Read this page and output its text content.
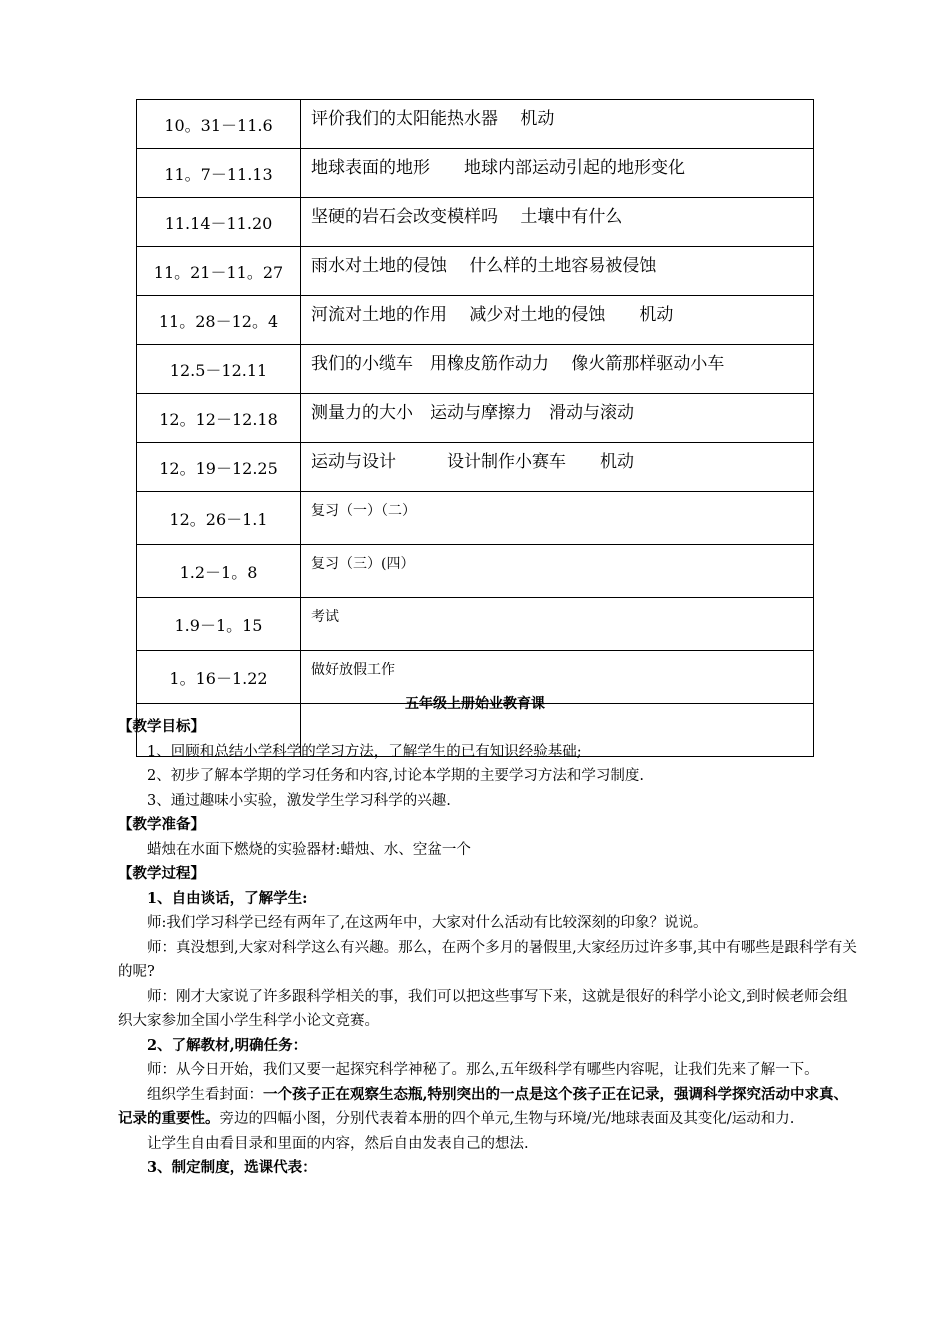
10。31－11.6	评价我们的太阳能热水器　 机动
11。7－11.13	地球表面的地形　　地球内部运动引起的地形变化
11.14－11.20	坚硬的岩石会改变模样吗　 土壤中有什么
11。21－11。27	雨水对土地的侵蚀　 什么样的土地容易被侵蚀
11。28－12。4	河流对土地的作用　 减少对土地的侵蚀　　机动
12.5－12.11	我们的小缆车　用橡皮筋作动力　 像火箭那样驱动小车
12。12－12.18	测量力的大小　运动与摩擦力　滑动与滚动
12。19－12.25	运动与设计　　　设计制作小赛车　　机动
12。26－1.1	复习（一）（二）
1.2－1。8	复习（三）(四）
1.9－1。15	考试
1。16－1.22	做好放假工作

五年级上册始业教育课

【教学目标】

1、回顾和总结小学科学的学习方法，了解学生的已有知识经验基础;

2、初步了解本学期的学习任务和内容,讨论本学期的主要学习方法和学习制度.

3、通过趣味小实验，激发学生学习科学的兴趣.

【教学准备】

蜡烛在水面下燃烧的实验器材:蜡烛、水、空盆一个

【教学过程】

1、自由谈话，了解学生:

师:我们学习科学已经有两年了,在这两年中，大家对什么活动有比较深刻的印象？说说。

师：真没想到,大家对科学这么有兴趣。那么，在两个多月的暑假里,大家经历过许多事,其中有哪些是跟科学有关的呢?

师：刚才大家说了许多跟科学相关的事，我们可以把这些事写下来，这就是很好的科学小论文,到时候老师会组织大家参加全国小学生科学小论文竞赛。

2、了解教材,明确任务：

师：从今日开始，我们又要一起探究科学神秘了。那么,五年级科学有哪些内容呢，让我们先来了解一下。

组织学生看封面：一个孩子正在观察生态瓶,特别突出的一点是这个孩子正在记录，强调科学探究活动中求真、记录的重要性。旁边的四幅小图，分别代表着本册的四个单元,生物与环境/光/地球表面及其变化/运动和力.

让学生自由看目录和里面的内容，然后自由发表自己的想法.

3、制定制度，选课代表：
